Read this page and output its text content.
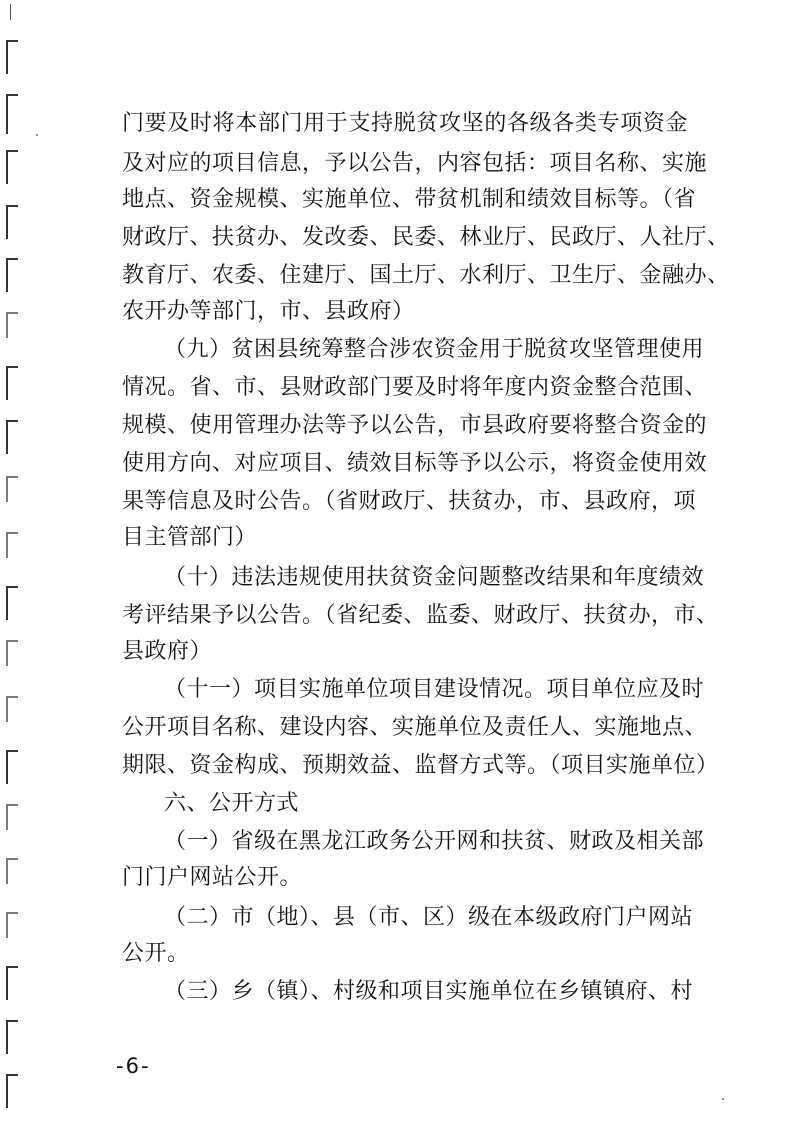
门要及时将本部门用于支持脱贫攻坚的各级各类专项资金
及对应的项目信息，予以公告，内容包括：项目名称、实施
地点、资金规模、实施单位、带贫机制和绩效目标等。（省
财政厅、扶贫办、发改委、民委、林业厅、民政厅、人社厅、
教育厅、农委、住建厅、国土厅、水利厅、卫生厅、金融办、
农开办等部门，市、县政府）
（九）贫困县统筹整合涉农资金用于脱贫攻坚管理使用
情况。省、市、县财政部门要及时将年度内资金整合范围、
规模、使用管理办法等予以公告，市县政府要将整合资金的
使用方向、对应项目、绩效目标等予以公示，将资金使用效
果等信息及时公告。（省财政厅、扶贫办，市、县政府，项
目主管部门）
（十）违法违规使用扶贫资金问题整改结果和年度绩效
考评结果予以公告。（省纪委、监委、财政厅、扶贫办，市、
县政府）
（十一）项目实施单位项目建设情况。项目单位应及时
公开项目名称、建设内容、实施单位及责任人、实施地点、
期限、资金构成、预期效益、监督方式等。（项目实施单位）
六、公开方式
（一）省级在黑龙江政务公开网和扶贫、财政及相关部
门门户网站公开。
（二）市（地）、县（市、区）级在本级政府门户网站
公开。
（三）乡（镇）、村级和项目实施单位在乡镇镇府、村
-6-
